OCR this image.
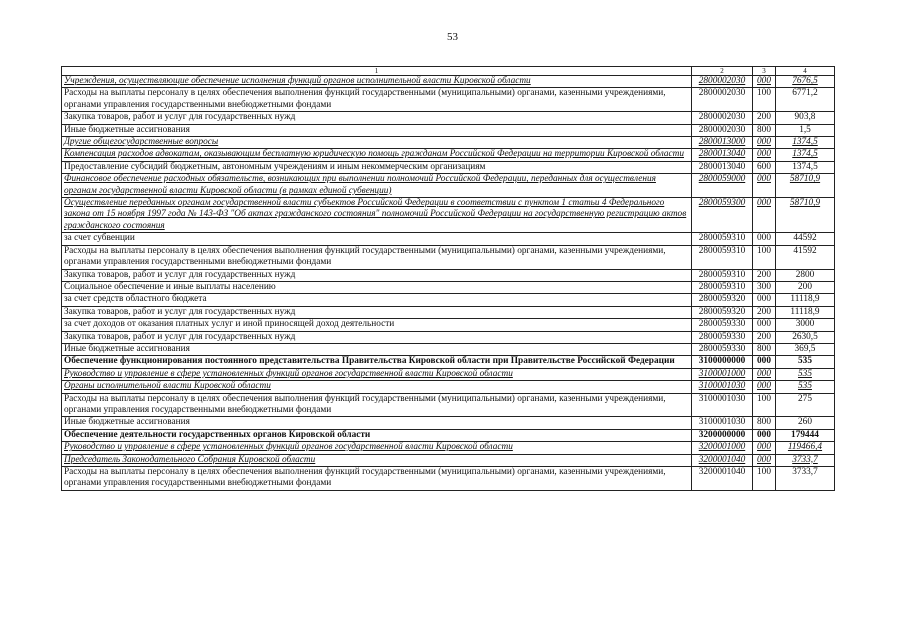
53
1	2	3	4
Учреждения, осуществляющие обеспечение исполнения функций органов исполнительной власти Кировской области	2800002030	000	7676,5
Расходы на выплаты персоналу в целях обеспечения выполнения функций государственными (муниципальными) органами, казенными учреждениями, органами управления государственными внебюджетными фондами	2800002030	100	6771,2
Закупка товаров, работ и услуг для государственных нужд	2800002030	200	903,8
Иные бюджетные ассигнования	2800002030	800	1,5
Другие общегосударственные вопросы	2800013000	000	1374,5
Компенсация расходов адвокатам, оказывающим бесплатную юридическую помощь гражданам Российской Федерации на территории Кировской области	2800013040	000	1374,5
Предоставление субсидий бюджетным, автономным учреждениям и иным некоммерческим организациям	2800013040	600	1374,5
Финансовое обеспечение расходных обязательств, возникающих при выполнении полномочий Российской Федерации, переданных для осуществления органам государственной власти Кировской области (в рамках единой субвенции)	2800059000	000	58710,9
Осуществление переданных органам государственной власти субъектов Российской Федерации в соответствии с пунктом 1 статьи 4 Федерального закона от 15 ноября 1997 года № 143-ФЗ "Об актах гражданского состояния" полномочий Российской Федерации на государственную регистрацию актов гражданского состояния	2800059300	000	58710,9
за счет субвенции	2800059310	000	44592
Расходы на выплаты персоналу в целях обеспечения выполнения функций государственными (муниципальными) органами, казенными учреждениями, органами управления государственными внебюджетными фондами	2800059310	100	41592
Закупка товаров, работ и услуг для государственных нужд	2800059310	200	2800
Социальное обеспечение и иные выплаты населению	2800059310	300	200
за счет средств областного бюджета	2800059320	000	11118,9
Закупка товаров, работ и услуг для государственных нужд	2800059320	200	11118,9
за счет доходов от оказания платных услуг и иной приносящей доход деятельности	2800059330	000	3000
Закупка товаров, работ и услуг для государственных нужд	2800059330	200	2630,5
Иные бюджетные ассигнования	2800059330	800	369,5
Обеспечение функционирования постоянного представительства Правительства Кировской области при Правительстве Российской Федерации	3100000000	000	535
Руководство и управление в сфере установленных функций органов государственной власти Кировской области	3100001000	000	535
Органы исполнительной власти Кировской области	3100001030	000	535
Расходы на выплаты персоналу в целях обеспечения выполнения функций государственными (муниципальными) органами, казенными учреждениями, органами управления государственными внебюджетными фондами	3100001030	100	275
Иные бюджетные ассигнования	3100001030	800	260
Обеспечение деятельности государственных органов Кировской области	3200000000	000	179444
Руководство и управление в сфере установленных функций органов государственной власти Кировской области	3200001000	000	119466,4
Председатель Законодательного Собрания Кировской области	3200001040	000	3733,7
Расходы на выплаты персоналу в целях обеспечения выполнения функций государственными (муниципальными) органами, казенными учреждениями, органами управления государственными внебюджетными фондами	3200001040	100	3733,7
